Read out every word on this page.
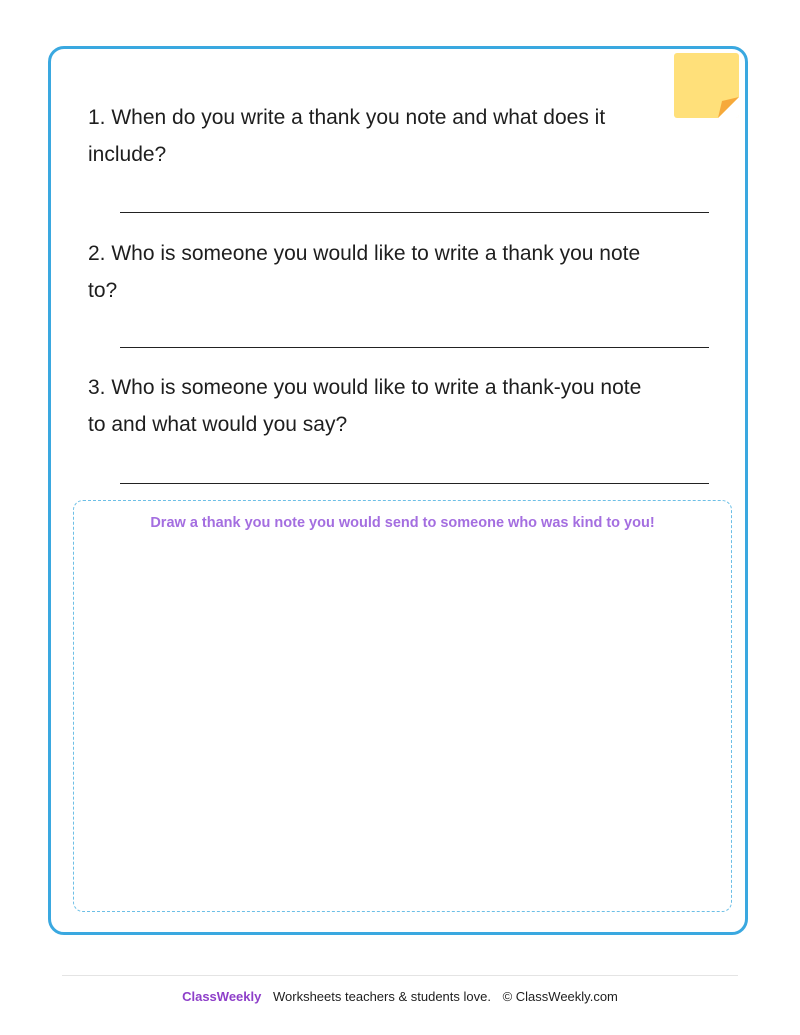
1. When do you write a thank you note and what does it
include?

2. Who is someone you would like to write a thank you note
to?

3. Who is someone you would like to write a thank-you note
to and what would you say?

Draw a thank you note you would send to someone who was kind to you!
ClassWeekly Worksheets teachers & students love. © ClassWeekly.com
